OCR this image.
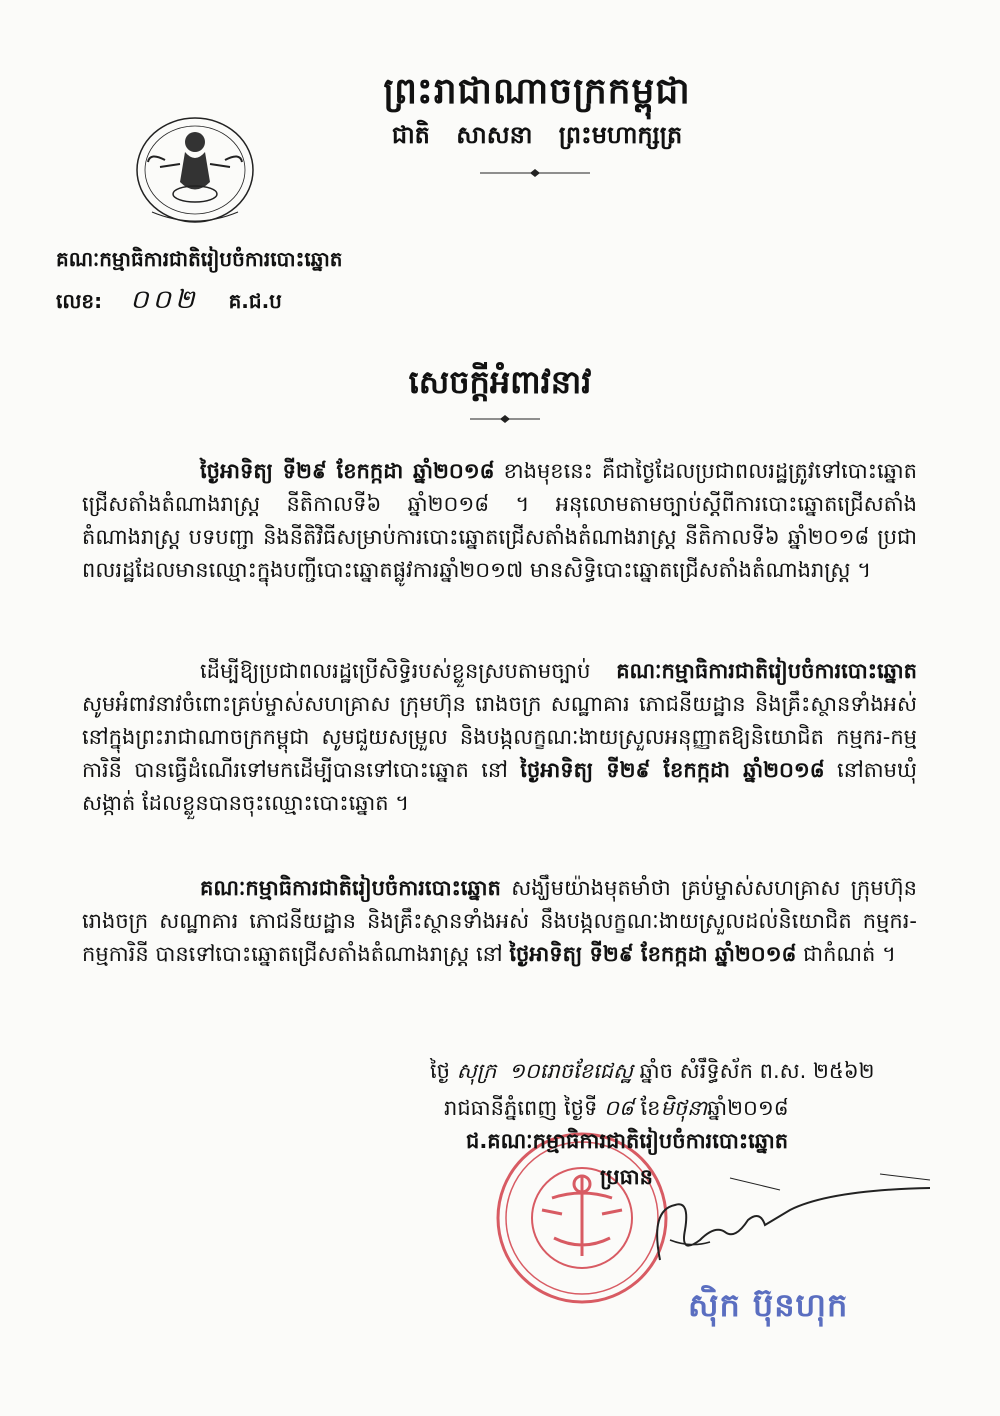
ព្រះរាជាណាចក្រកម្ពុជា
ជាតិ សាសនា ព្រះមហាក្សត្រ
គណៈកម្មាធិការជាតិរៀបចំការបោះឆ្នោត
លេខ: ០០២ គ.ជ.ប
សេចក្តីអំពាវនាវ
ថ្ងៃអាទិត្យ ទី២៩ ខែកក្កដា ឆ្នាំ២០១៨ ខាងមុខនេះ គឺជាថ្ងៃដែលប្រជាពលរដ្ឋត្រូវទៅបោះឆ្នោតជ្រើសតាំងតំណាងរាស្ត្រ នីតិកាលទី៦ ឆ្នាំ២០១៨ ។ អនុលោមតាមច្បាប់ស្តីពីការបោះឆ្នោតជ្រើសតាំងតំណាងរាស្ត្រ បទបញ្ជា និងនីតិវិធីសម្រាប់ការបោះឆ្នោតជ្រើសតាំងតំណាងរាស្ត្រ នីតិកាលទី៦ ឆ្នាំ២០១៨ ប្រជាពលរដ្ឋដែលមានឈ្មោះក្នុងបញ្ជីបោះឆ្នោតផ្លូវការឆ្នាំ២០១៧ មានសិទ្ធិបោះឆ្នោតជ្រើសតាំងតំណាងរាស្ត្រ ។
ដើម្បីឱ្យប្រជាពលរដ្ឋប្រើសិទ្ធិរបស់ខ្លួនស្របតាមច្បាប់ គណៈកម្មាធិការជាតិរៀបចំការបោះឆ្នោត សូមអំពាវនាវចំពោះគ្រប់ម្ចាស់សហគ្រាស ក្រុមហ៊ុន រោងចក្រ សណ្ឋាគារ ភោជនីយដ្ឋាន និងគ្រឹះស្ថានទាំងអស់នៅក្នុងព្រះរាជាណាចក្រកម្ពុជា សូមជួយសម្រួល និងបង្កលក្ខណៈងាយស្រួលអនុញ្ញាតឱ្យនិយោជិត កម្មករ-កម្មការិនី បានធ្វើដំណើរទៅមកដើម្បីបានទៅបោះឆ្នោត នៅ ថ្ងៃអាទិត្យ ទី២៩ ខែកក្កដា ឆ្នាំ២០១៨ នៅតាមឃុំ សង្កាត់ ដែលខ្លួនបានចុះឈ្មោះបោះឆ្នោត ។
គណៈកម្មាធិការជាតិរៀបចំការបោះឆ្នោត សង្ឃឹមយ៉ាងមុតមាំថា គ្រប់ម្ចាស់សហគ្រាស ក្រុមហ៊ុន រោងចក្រ សណ្ឋាគារ ភោជនីយដ្ឋាន និងគ្រឹះស្ថានទាំងអស់ នឹងបង្កលក្ខណៈងាយស្រួលដល់និយោជិត កម្មករ-កម្មការិនី បានទៅបោះឆ្នោតជ្រើសតាំងតំណាងរាស្ត្រ នៅ ថ្ងៃអាទិត្យ ទី២៩ ខែកក្កដា ឆ្នាំ២០១៨ ជាកំណត់ ។
ថ្ងៃ សុក្រ ១០រោចខែជេស្ឋ ឆ្នាំច សំរឹទ្ធិស័ក ព.ស. ២៥៦២
រាជធានីភ្នំពេញ ថ្ងៃទី ០៨ ខែមិថុនាឆ្នាំ២០១៨
ជ.គណៈកម្មាធិការជាតិរៀបចំការបោះឆ្នោត
ប្រធាន
ស៊ិក ប៊ុនហុក
